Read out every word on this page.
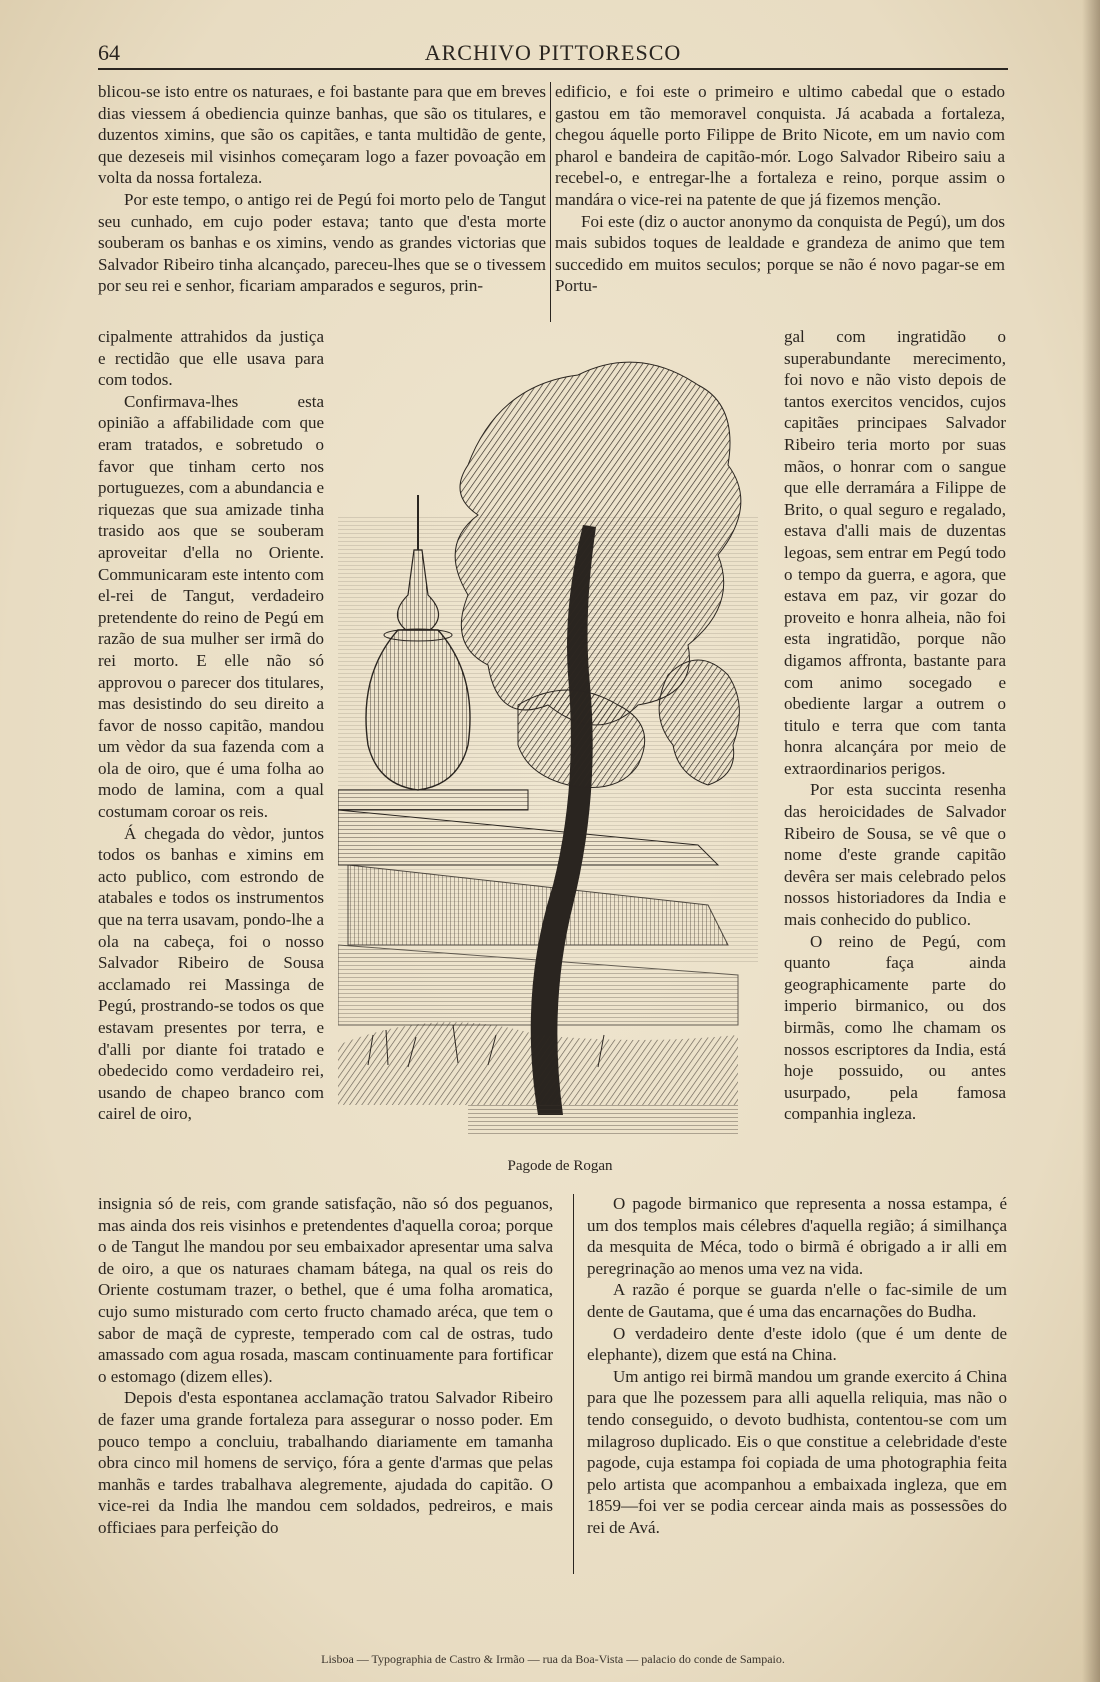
64	ARCHIVO PITTORESCO

blicou-se isto entre os naturaes, e foi bastante para que em breves dias viessem á obediencia quinze banhas, que são os titulares, e duzentos ximins, que são os capitães, e tanta multidão de gente, que dezeseis mil visinhos começaram logo a fazer povoação em volta da nossa fortaleza.

Por este tempo, o antigo rei de Pegú foi morto pelo de Tangut seu cunhado, em cujo poder estava; tanto que d'esta morte souberam os banhas e os ximins, vendo as grandes victorias que Salvador Ribeiro tinha alcançado, pareceu-lhes que se o tivessem por seu rei e senhor, ficariam amparados e seguros, prin-

cipalmente attrahidos da justiça e rectidão que elle usava para com todos.

Confirmava-lhes esta opinião a affabilidade com que eram tratados, e sobretudo o favor que tinham certo nos portuguezes, com a abundancia e riquezas que sua amizade tinha trasido aos que se souberam aproveitar d'ella no Oriente. Communicaram este intento com el-rei de Tangut, verdadeiro pretendente do reino de Pegú em razão de sua mulher ser irmã do rei morto. E elle não só approvou o parecer dos titulares, mas desistindo do seu direito a favor de nosso capitão, mandou um vèdor da sua fazenda com a ola de oiro, que é uma folha ao modo de lamina, com a qual costumam coroar os reis.

Á chegada do vèdor, juntos todos os banhas e ximins em acto publico, com estrondo de atabales e todos os instrumentos que na terra usavam, pondo-lhe a ola na cabeça, foi o nosso Salvador Ribeiro de Sousa acclamado rei Massinga de Pegú, prostrando-se todos os que estavam presentes por terra, e d'alli por diante foi tratado e obedecido como verdadeiro rei, usando de chapeo branco com cairel de oiro,

insignia só de reis, com grande satisfação, não só dos peguanos, mas ainda dos reis visinhos e pretendentes d'aquella coroa; porque o de Tangut lhe mandou por seu embaixador apresentar uma salva de oiro, a que os naturaes chamam bátega, na qual os reis do Oriente costumam trazer, o bethel, que é uma folha aromatica, cujo sumo misturado com certo fructo chamado aréca, que tem o sabor de maçã de cypreste, temperado com cal de ostras, tudo amassado com agua rosada, mascam continuamente para fortificar o estomago (dizem elles).

Depois d'esta espontanea acclamação tratou Salvador Ribeiro de fazer uma grande fortaleza para assegurar o nosso poder. Em pouco tempo a concluiu, trabalhando diariamente em tamanha obra cinco mil homens de serviço, fóra a gente d'armas que pelas manhãs e tardes trabalhava alegremente, ajudada do capitão. O vice-rei da India lhe mandou cem soldados, pedreiros, e mais officiaes para perfeição do

edificio, e foi este o primeiro e ultimo cabedal que o estado gastou em tão memoravel conquista. Já acabada a fortaleza, chegou áquelle porto Filippe de Brito Nicote, em um navio com pharol e bandeira de capitão-mór. Logo Salvador Ribeiro saiu a recebel-o, e entregar-lhe a fortaleza e reino, porque assim o mandára o vice-rei na patente de que já fizemos menção.

Foi este (diz o auctor anonymo da conquista de Pegú), um dos mais subidos toques de lealdade e grandeza de animo que tem succedido em muitos seculos; porque se não é novo pagar-se em Portu-

gal com ingratidão o superabundante merecimento, foi novo e não visto depois de tantos exercitos vencidos, cujos capitães principaes Salvador Ribeiro teria morto por suas mãos, o honrar com o sangue que elle derramára a Filippe de Brito, o qual seguro e regalado, estava d'alli mais de duzentas legoas, sem entrar em Pegú todo o tempo da guerra, e agora, que estava em paz, vir gozar do proveito e honra alheia, não foi esta ingratidão, porque não digamos affronta, bastante para com animo socegado e obediente largar a outrem o titulo e terra que com tanta honra alcançára por meio de extraordinarios perigos.

Por esta succinta resenha das heroicidades de Salvador Ribeiro de Sousa, se vê que o nome d'este grande capitão devêra ser mais celebrado pelos nossos historiadores da India e mais conhecido do publico.

O reino de Pegú, com quanto faça ainda geographicamente parte do imperio birmanico, ou dos birmãs, como lhe chamam os nossos escriptores da India, está hoje possuido, ou antes usurpado, pela famosa companhia ingleza.

O pagode birmanico que representa a nossa estampa, é um dos templos mais célebres d'aquella região; á similhança da mesquita de Méca, todo o birmã é obrigado a ir alli em peregrinação ao menos uma vez na vida.

A razão é porque se guarda n'elle o fac-simile de um dente de Gautama, que é uma das encarnações do Budha.

O verdadeiro dente d'este idolo (que é um dente de elephante), dizem que está na China.

Um antigo rei birmã mandou um grande exercito á China para que lhe pozessem para alli aquella reliquia, mas não o tendo conseguido, o devoto budhista, contentou-se com um milagroso duplicado. Eis o que constitue a celebridade d'este pagode, cuja estampa foi copiada de uma photographia feita pelo artista que acompanhou a embaixada ingleza, que em 1859—foi ver se podia cercear ainda mais as possessões do rei de Avá.

Pagode de Rogan
Lisboa — Typographia de Castro & Irmão — rua da Boa-Vista — palacio do conde de Sampaio.
